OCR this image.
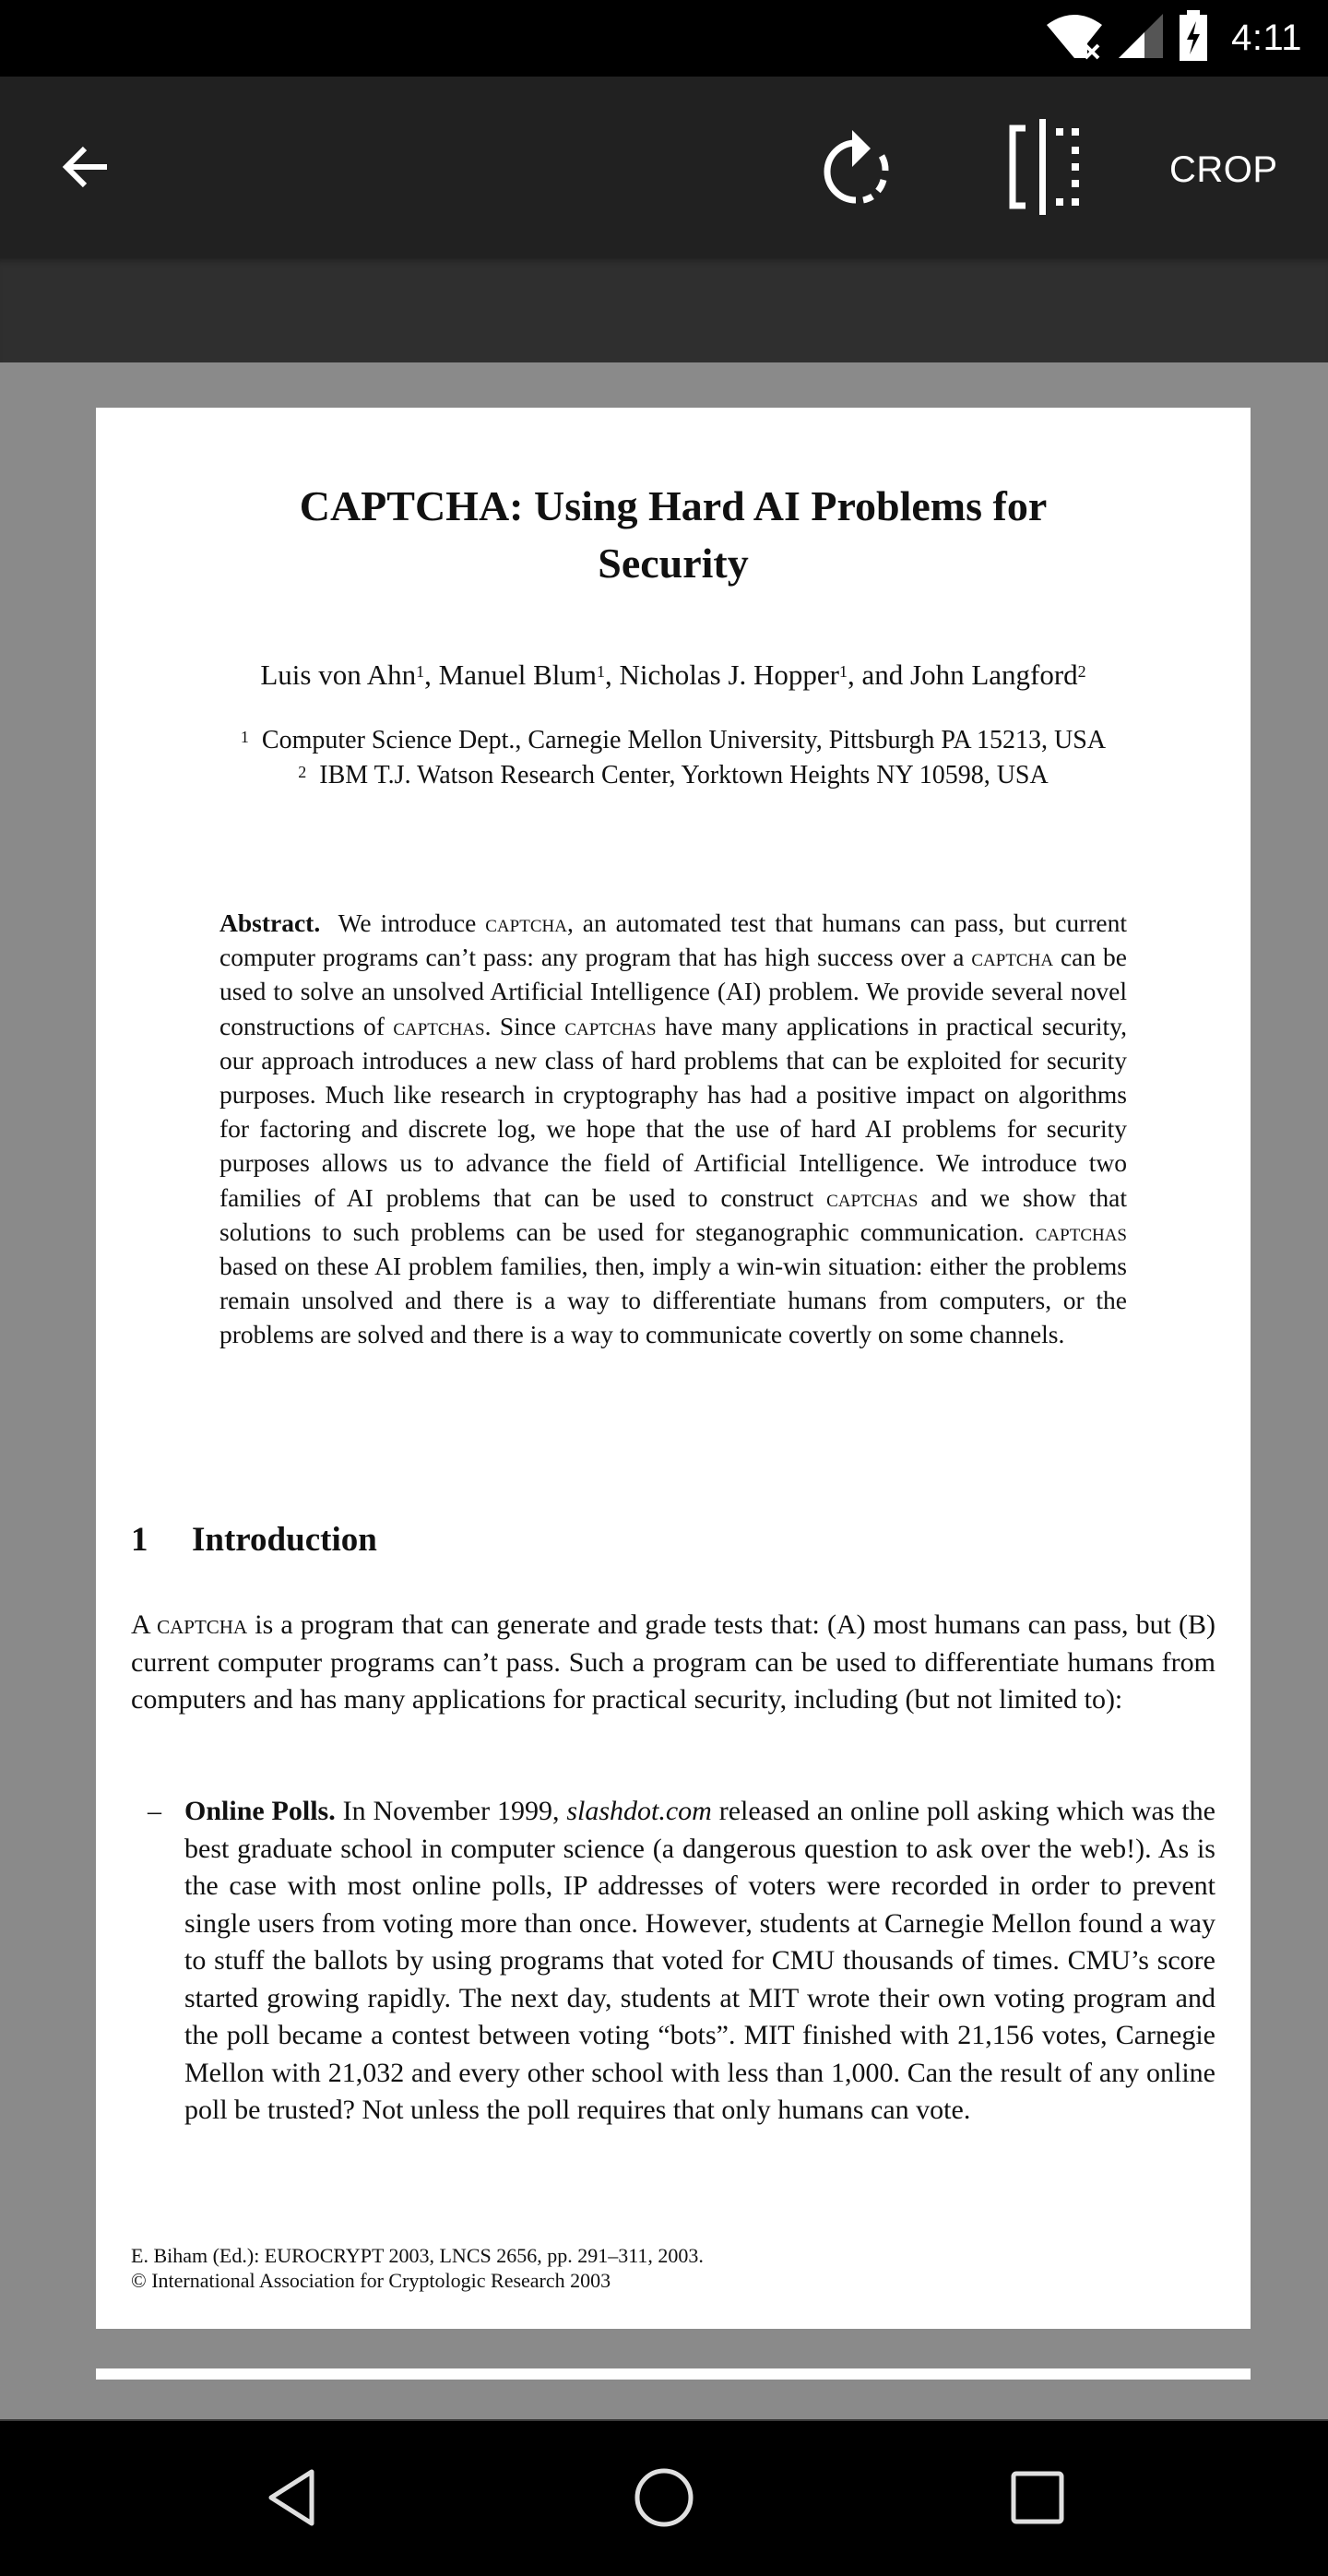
4:11
CROP
CAPTCHA: Using Hard AI Problems for
Security
Luis von Ahn$^1$, Manuel Blum$^1$, Nicholas J. Hopper$^1$, and John Langford$^2$
$^1$ Computer Science Dept., Carnegie Mellon University, Pittsburgh PA 15213, USA
$^2$ IBM T.J. Watson Research Center, Yorktown Heights NY 10598, USA
Abstract. We introduce captcha, an automated test that humans can pass, but current computer programs can’t pass: any program that has high success over a captcha can be used to solve an unsolved Artificial Intelligence (AI) problem. We provide several novel constructions of captchas. Since captchas have many applications in practical security, our approach introduces a new class of hard problems that can be exploited for security purposes. Much like research in cryptography has had a positive impact on algorithms for factoring and discrete log, we hope that the use of hard AI problems for security purposes allows us to advance the field of Artificial Intelligence. We introduce two families of AI problems that can be used to construct captchas and we show that solutions to such problems can be used for steganographic communication. captchas based on these AI problem families, then, imply a win-win situation: either the problems remain unsolved and there is a way to differentiate humans from computers, or the problems are solved and there is a way to communicate covertly on some channels.
1 Introduction
A captcha is a program that can generate and grade tests that: (A) most humans can pass, but (B) current computer programs can’t pass. Such a program can be used to differentiate humans from computers and has many applications for practical security, including (but not limited to):
– Online Polls. In November 1999, slashdot.com released an online poll asking which was the best graduate school in computer science (a dangerous question to ask over the web!). As is the case with most online polls, IP addresses of voters were recorded in order to prevent single users from voting more than once. However, students at Carnegie Mellon found a way to stuff the ballots by using programs that voted for CMU thousands of times. CMU’s score started growing rapidly. The next day, students at MIT wrote their own voting program and the poll became a contest between voting “bots”. MIT finished with 21,156 votes, Carnegie Mellon with 21,032 and every other school with less than 1,000. Can the result of any online poll be trusted? Not unless the poll requires that only humans can vote.
E. Biham (Ed.): EUROCRYPT 2003, LNCS 2656, pp. 291–311, 2003.
© International Association for Cryptologic Research 2003
